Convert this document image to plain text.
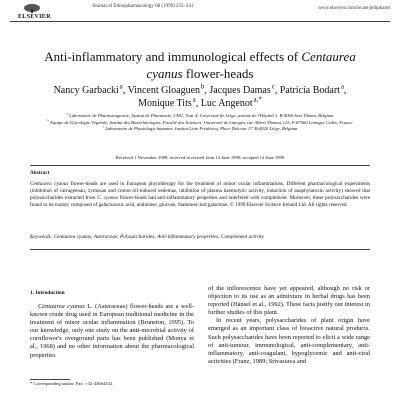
ELSEVIER
Journal of Ethnopharmacology 68 (1999) 235–241	www.elsevier.com/locate/jethpharm
Anti-inflammatory and immunological effects of Centaurea
cyanus flower-heads
Nancy Garbacki $^a$, Vincent Gloaguen $^b$, Jacques Damas $^c$, Patricia Bodart $^a$,
Monique Tits $^a$, Luc Angenot $^{a,*}$
$^a$ Laboratoire de Pharmacognosie, Institut de Pharmacie, CHU, Tour 4, Université de Liège, avenue de l'Hôpital 1, B-4000 Sart Tilman, Belgium
$^b$ Equipe de Glycologie Végétale, Institut des Biotechnologies, Faculté des Sciences, Université de Limoges, rue Albert Thomas 123, F-87060 Limoges Cédex, France
$^c$ Laboratoire de Physiologie humaine, Institut Léon Frédéricq, Place Delcour 17, B-4020 Liège, Belgium
Received 1 November 1998; received in revised form 14 June 1999; accepted 14 June 1999
Abstract
Centaurea cyanus flower-heads are used in European phytotherapy for the treatment of minor ocular inflammations. Different pharmacological experiments (inhibition of carrageenan, zymosan and croton oil-induced oedemas, inhibition of plasma haemolytic activity, induction of anaphylatoxin activity) showed that polysaccharides extracted from C. cyanus flower-heads had anti-inflammatory properties and interfered with complement. Moreover, these polysaccharides were found to be mainly composed of galacturonic acid, arabinose, glucose, rhamnose and galactose. © 1999 Elsevier Science Ireland Ltd. All rights reserved.
Keywords: Centaurea cyanus; Asteraceae; Polysaccharides; Anti-inflammatory properties; Complement activity
1. Introduction
Centaurea cyanus L. (Asteraceae) flower-heads are a well-known crude drug used in European traditional medicine in the treatment of minor ocular inflammation (Bruneton, 1995). To our knowledge, only one study on the anti-microbial activity of cornflower's overground parts has been published (Monya et al., 1968) and no other information about the pharmacological properties
of the inflorescence have yet appeared, although no risk or objection to its use as an admixture in herbal drugs has been reported (Hänsel et al., 1992). These facts justify our interest in further studies of this plant.
In recent years, polysaccharides of plant origin have emerged as an important class of bioactive natural products. Such polysaccharides have been reported to elicit a wide range of anti-tumour, immunological, anti-complementary, anti-inflammatory, anti-coagulant, hypoglycemic and anti-viral activities (Franz, 1989; Srivastava and
* Corresponding author. Fax: +32-43664332.
